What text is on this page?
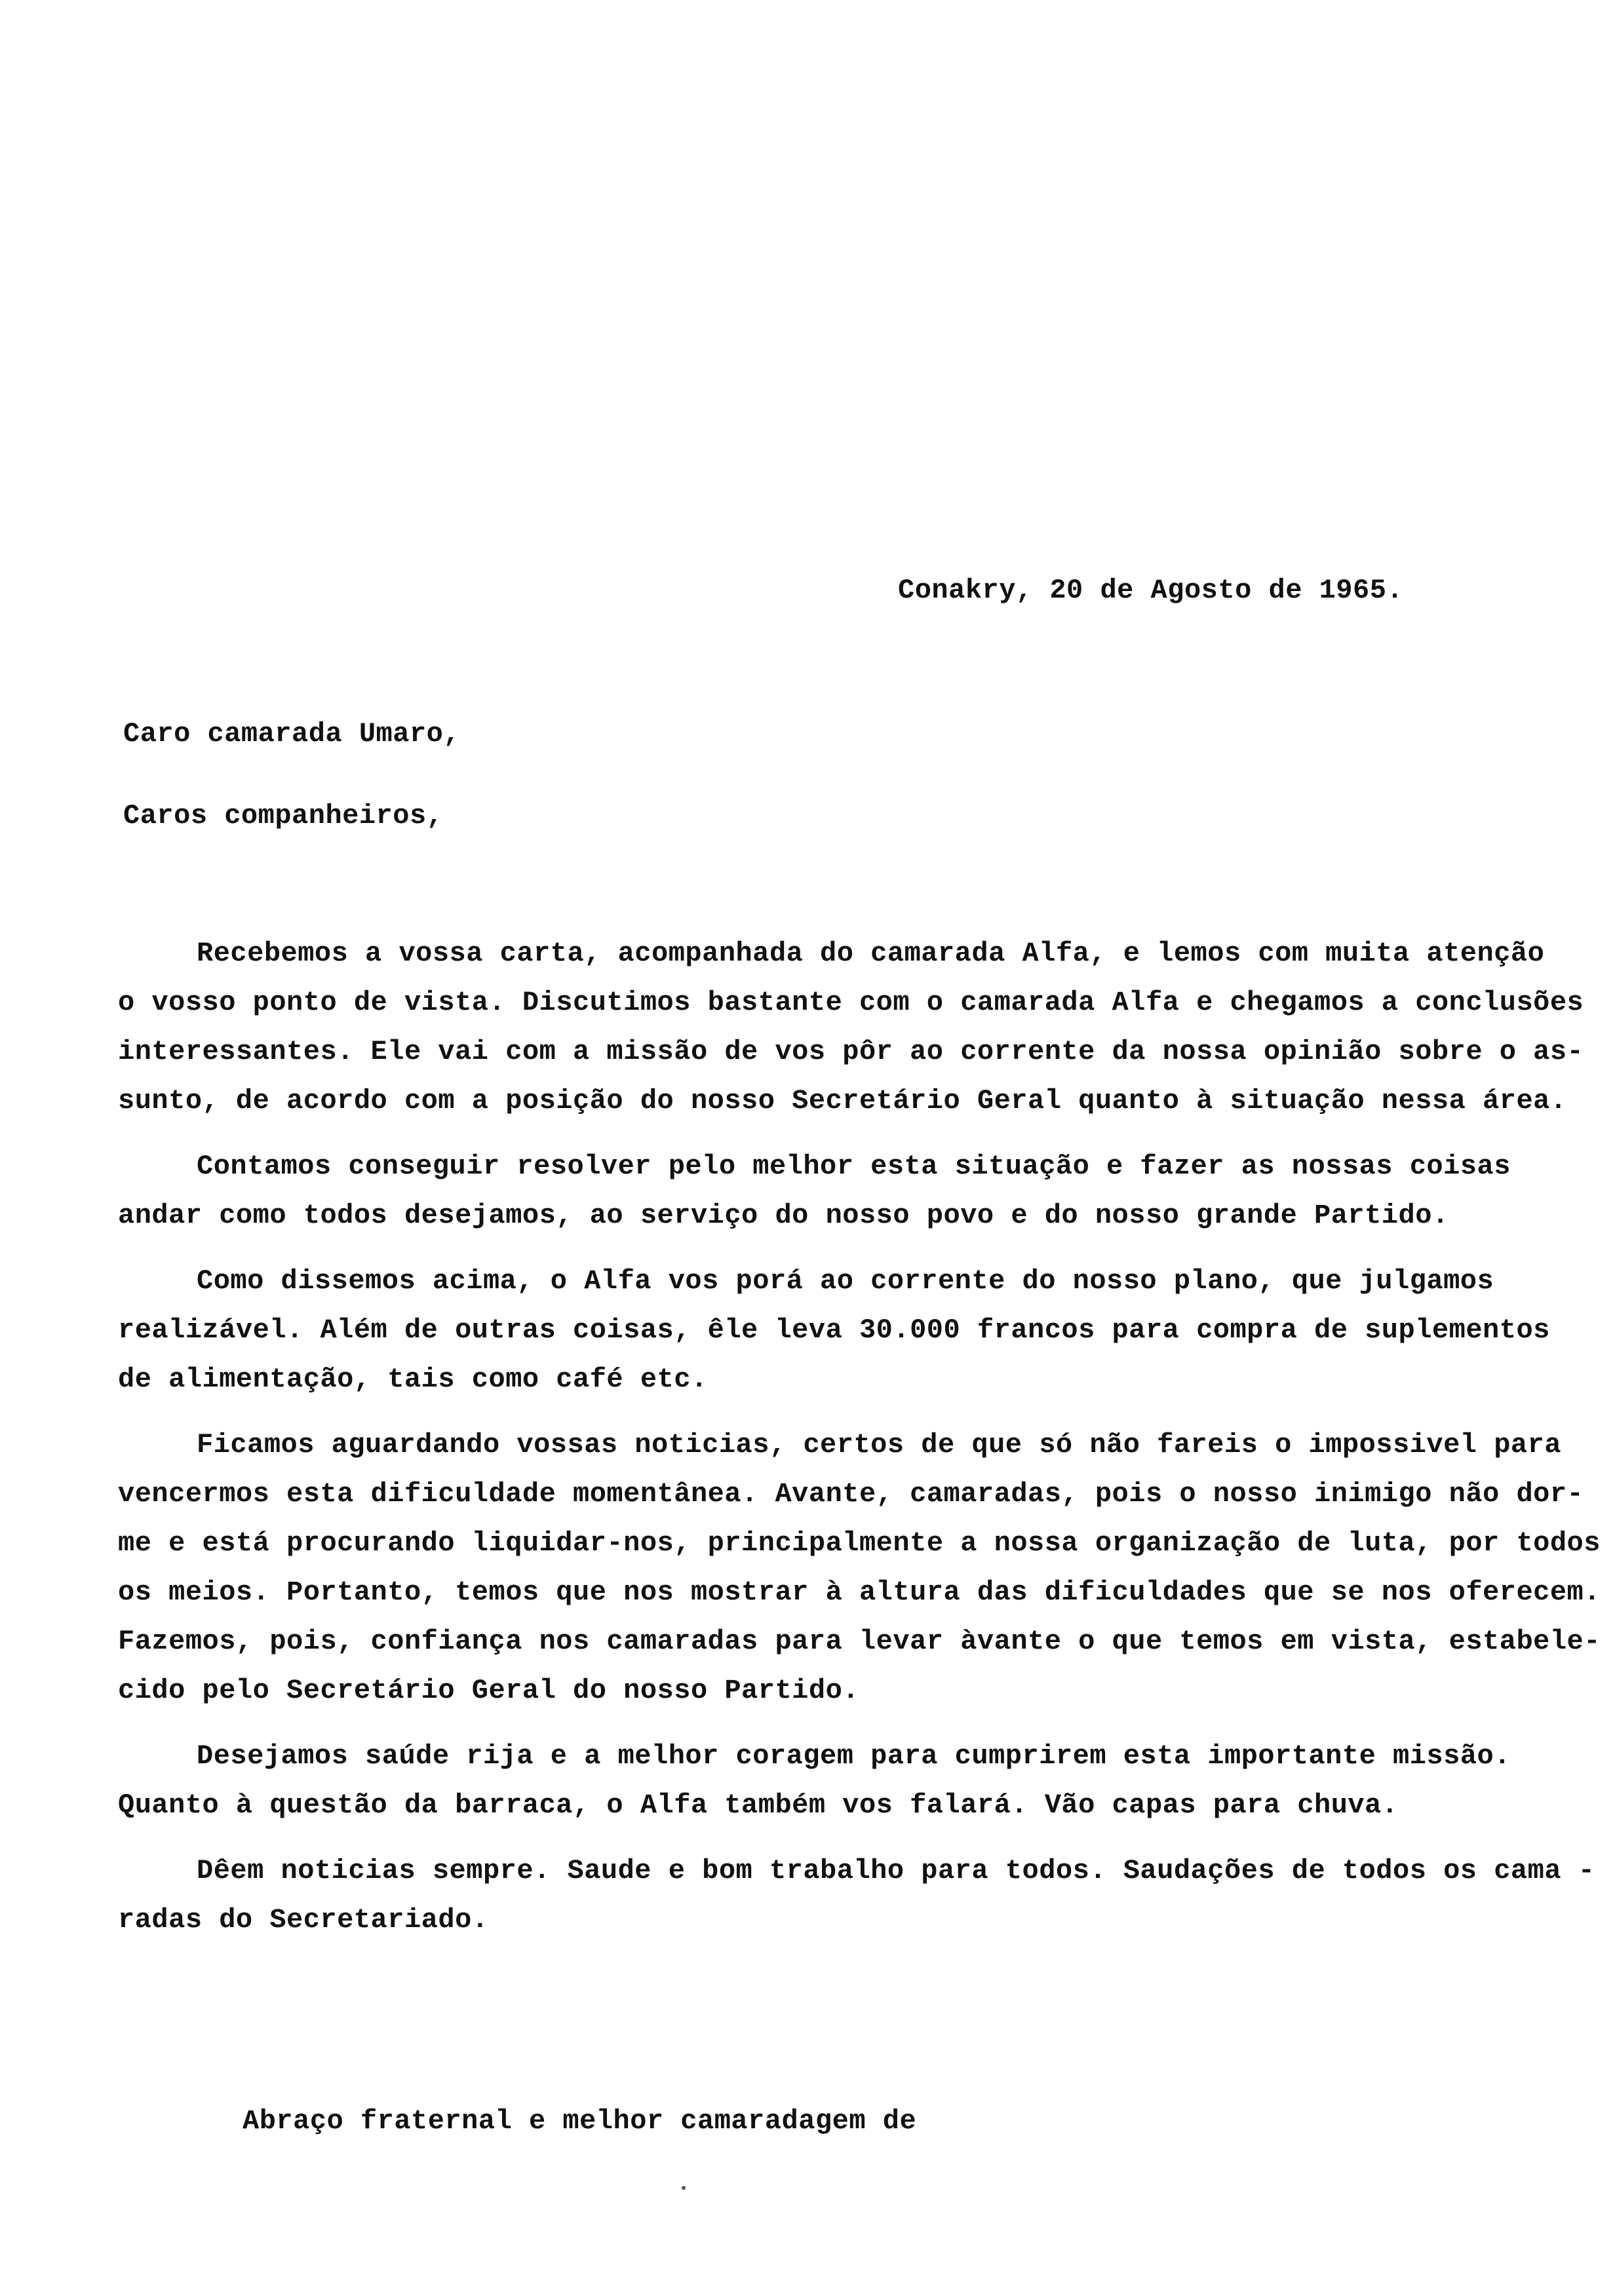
Conakry, 20 de Agosto de 1965.
Caro camarada Umaro,
Caros companheiros,
Recebemos a vossa carta, acompanhada do camarada Alfa, e lemos com muita atenção
o vosso ponto de vista. Discutimos bastante com o camarada Alfa e chegamos a conclusões
interessantes. Ele vai com a missão de vos pôr ao corrente da nossa opinião sobre o as-
sunto, de acordo com a posição do nosso Secretário Geral quanto à situação nessa área.
Contamos conseguir resolver pelo melhor esta situação e fazer as nossas coisas
andar como todos desejamos, ao serviço do nosso povo e do nosso grande Partido.
Como dissemos acima, o Alfa vos porá ao corrente do nosso plano, que julgamos
realizável. Além de outras coisas, êle leva 30.000 francos para compra de suplementos
de alimentação, tais como café etc.
Ficamos aguardando vossas noticias, certos de que só não fareis o impossivel para
vencermos esta dificuldade momentânea. Avante, camaradas, pois o nosso inimigo não dor-
me e está procurando liquidar-nos, principalmente a nossa organização de luta, por todos
os meios. Portanto, temos que nos mostrar à altura das dificuldades que se nos oferecem.
Fazemos, pois, confiança nos camaradas para levar àvante o que temos em vista, estabele-
cido pelo Secretário Geral do nosso Partido.
Desejamos saúde rija e a melhor coragem para cumprirem esta importante missão.
Quanto à questão da barraca, o Alfa também vos falará. Vão capas para chuva.
Dêem noticias sempre. Saude e bom trabalho para todos. Saudações de todos os cama -
radas do Secretariado.
Abraço fraternal e melhor camaradagem de
